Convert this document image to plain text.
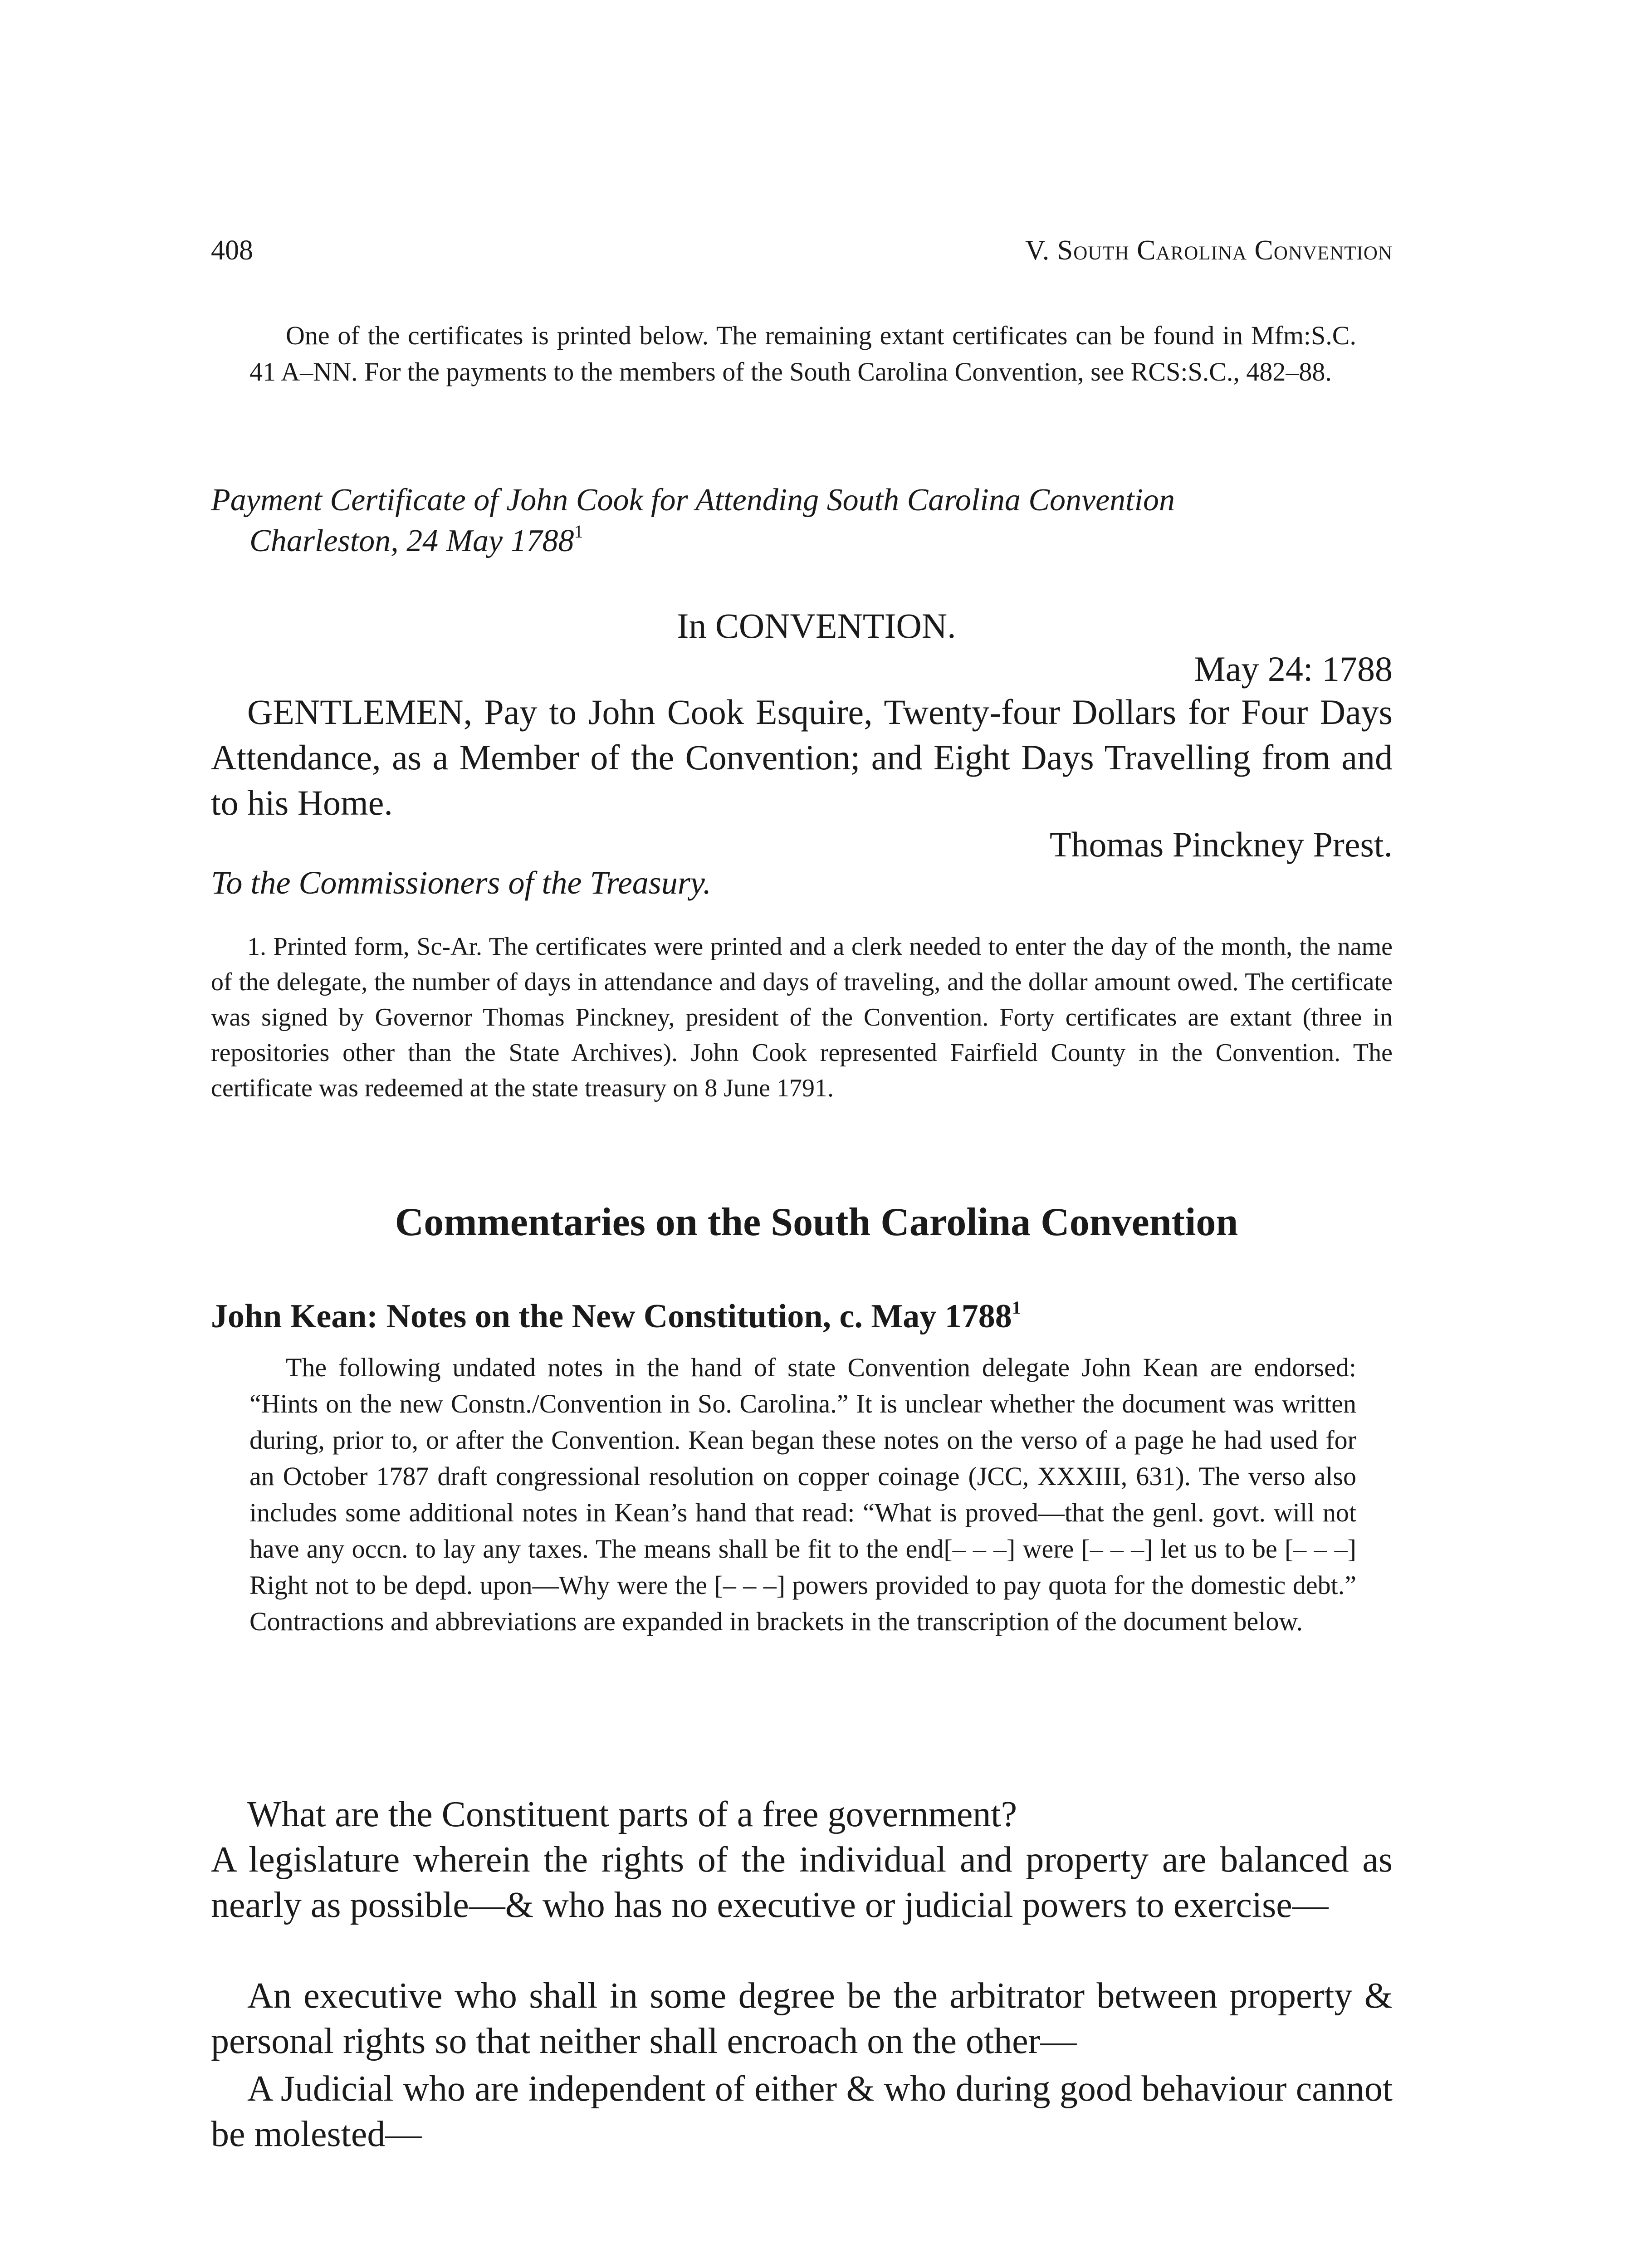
408	V. South Carolina Convention

One of the certificates is printed below. The remaining extant certificates can be found in Mfm:S.C. 41 A–NN. For the payments to the members of the South Carolina Convention, see RCS:S.C., 482–88.

Payment Certificate of John Cook for Attending South Carolina Convention
Charleston, 24 May 1788$^1$
In CONVENTION.
May 24: 1788

GENTLEMEN, Pay to John Cook Esquire, Twenty-four Dollars for Four Days Attendance, as a Member of the Convention; and Eight Days Travelling from and to his Home.

Thomas Pinckney Prest.
To the Commissioners of the Treasury.

1. Printed form, Sc-Ar. The certificates were printed and a clerk needed to enter the day of the month, the name of the delegate, the number of days in attendance and days of traveling, and the dollar amount owed. The certificate was signed by Governor Thomas Pinckney, president of the Convention. Forty certificates are extant (three in repositories other than the State Archives). John Cook represented Fairfield County in the Convention. The certificate was redeemed at the state treasury on 8 June 1791.

Commentaries on the South Carolina Convention
John Kean: Notes on the New Constitution, c. May 1788$^1$

The following undated notes in the hand of state Convention delegate John Kean are endorsed: “Hints on the new Constn./Convention in So. Carolina.” It is unclear whether the document was written during, prior to, or after the Convention. Kean began these notes on the verso of a page he had used for an October 1787 draft congressional resolution on copper coinage (JCC, XXXIII, 631). The verso also includes some additional notes in Kean’s hand that read: “What is proved—that the genl. govt. will not have any occn. to lay any taxes. The means shall be fit to the end[– – –] were [– – –] let us to be [– – –] Right not to be depd. upon—Why were the [– – –] powers provided to pay quota for the domestic debt.” Contractions and abbreviations are expanded in brackets in the transcription of the document below.

What are the Constituent parts of a free government?

A legislature wherein the rights of the individual and property are balanced as nearly as possible—& who has no executive or judicial powers to exercise—

An executive who shall in some degree be the arbitrator between property & personal rights so that neither shall encroach on the other—

A Judicial who are independent of either & who during good behaviour cannot be molested—
